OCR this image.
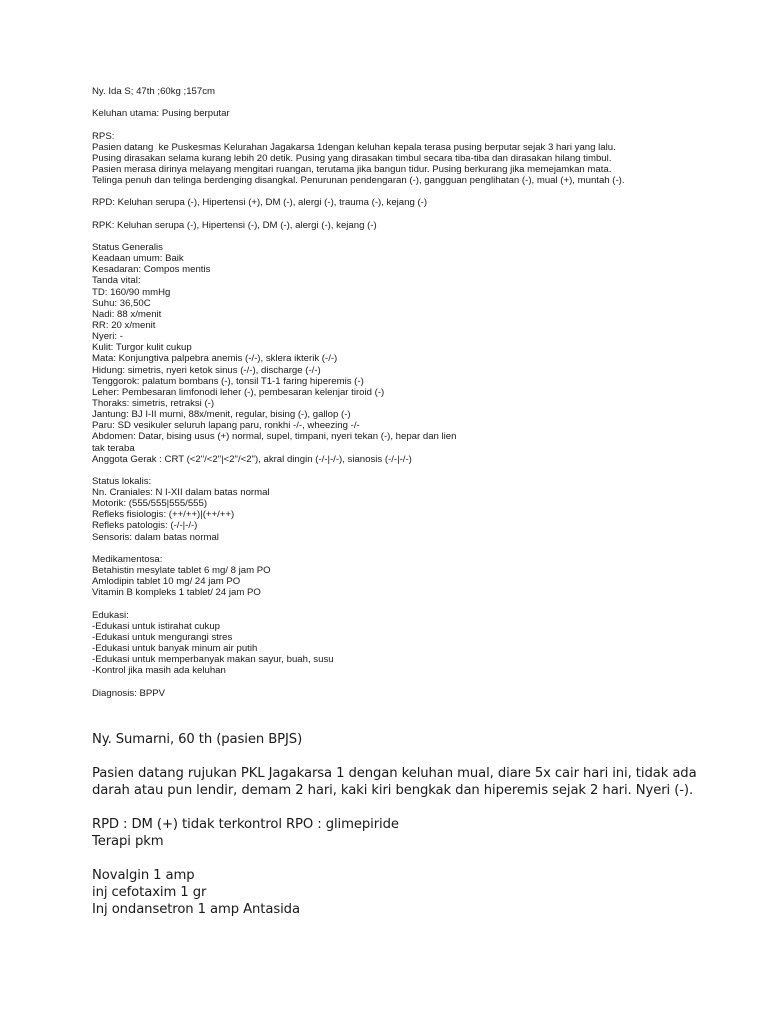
Ny. Ida S; 47th ;60kg ;157cm
Keluhan utama: Pusing berputar
RPS:
Pasien datang  ke Puskesmas Kelurahan Jagakarsa 1dengan keluhan kepala terasa pusing berputar sejak 3 hari yang lalu.
Pusing dirasakan selama kurang lebih 20 detik. Pusing yang dirasakan timbul secara tiba-tiba dan dirasakan hilang timbul.
Pasien merasa dirinya melayang mengitari ruangan, terutama jika bangun tidur. Pusing berkurang jika memejamkan mata.
Telinga penuh dan telinga berdenging disangkal. Penurunan pendengaran (-), gangguan penglihatan (-), mual (+), muntah (-).
RPD: Keluhan serupa (-), Hipertensi (+), DM (-), alergi (-), trauma (-), kejang (-)
RPK: Keluhan serupa (-), Hipertensi (-), DM (-), alergi (-), kejang (-)
Status Generalis
Keadaan umum: Baik
Kesadaran: Compos mentis
Tanda vital:
TD: 160/90 mmHg
Suhu: 36,50C
Nadi: 88 x/menit
RR: 20 x/menit
Nyeri: -
Kulit: Turgor kulit cukup
Mata: Konjungtiva palpebra anemis (-/-), sklera ikterik (-/-)
Hidung: simetris, nyeri ketok sinus (-/-), discharge (-/-)
Tenggorok: palatum bombans (-), tonsil T1-1 faring hiperemis (-)
Leher: Pembesaran limfonodi leher (-), pembesaran kelenjar tiroid (-)
Thoraks: simetris, retraksi (-)
Jantung: BJ I-II murni, 88x/menit, regular, bising (-), gallop (-)
Paru: SD vesikuler seluruh lapang paru, ronkhi -/-, wheezing -/-
Abdomen: Datar, bising usus (+) normal, supel, timpani, nyeri tekan (-), hepar dan lien
tak teraba
Anggota Gerak : CRT (<2"/<2"|<2"/<2"), akral dingin (-/-|-/-), sianosis (-/-|-/-)
Status lokalis:
Nn. Craniales: N I-XII dalam batas normal
Motorik: (555/555|555/555)
Refleks fisiologis: (++/++)|(++/++)
Refleks patologis: (-/-|-/-)
Sensoris: dalam batas normal
Medikamentosa:
Betahistin mesylate tablet 6 mg/ 8 jam PO
Amlodipin tablet 10 mg/ 24 jam PO
Vitamin B kompleks 1 tablet/ 24 jam PO
Edukasi:
-Edukasi untuk istirahat cukup
-Edukasi untuk mengurangi stres
-Edukasi untuk banyak minum air putih
-Edukasi untuk memperbanyak makan sayur, buah, susu
-Kontrol jika masih ada keluhan
Diagnosis: BPPV
Ny. Sumarni, 60 th (pasien BPJS)
Pasien datang rujukan PKL Jagakarsa 1 dengan keluhan mual, diare 5x cair hari ini, tidak ada
darah atau pun lendir, demam 2 hari, kaki kiri bengkak dan hiperemis sejak 2 hari. Nyeri (-).
RPD : DM (+) tidak terkontrol RPO : glimepiride
Terapi pkm
Novalgin 1 amp
inj cefotaxim 1 gr
Inj ondansetron 1 amp Antasida
